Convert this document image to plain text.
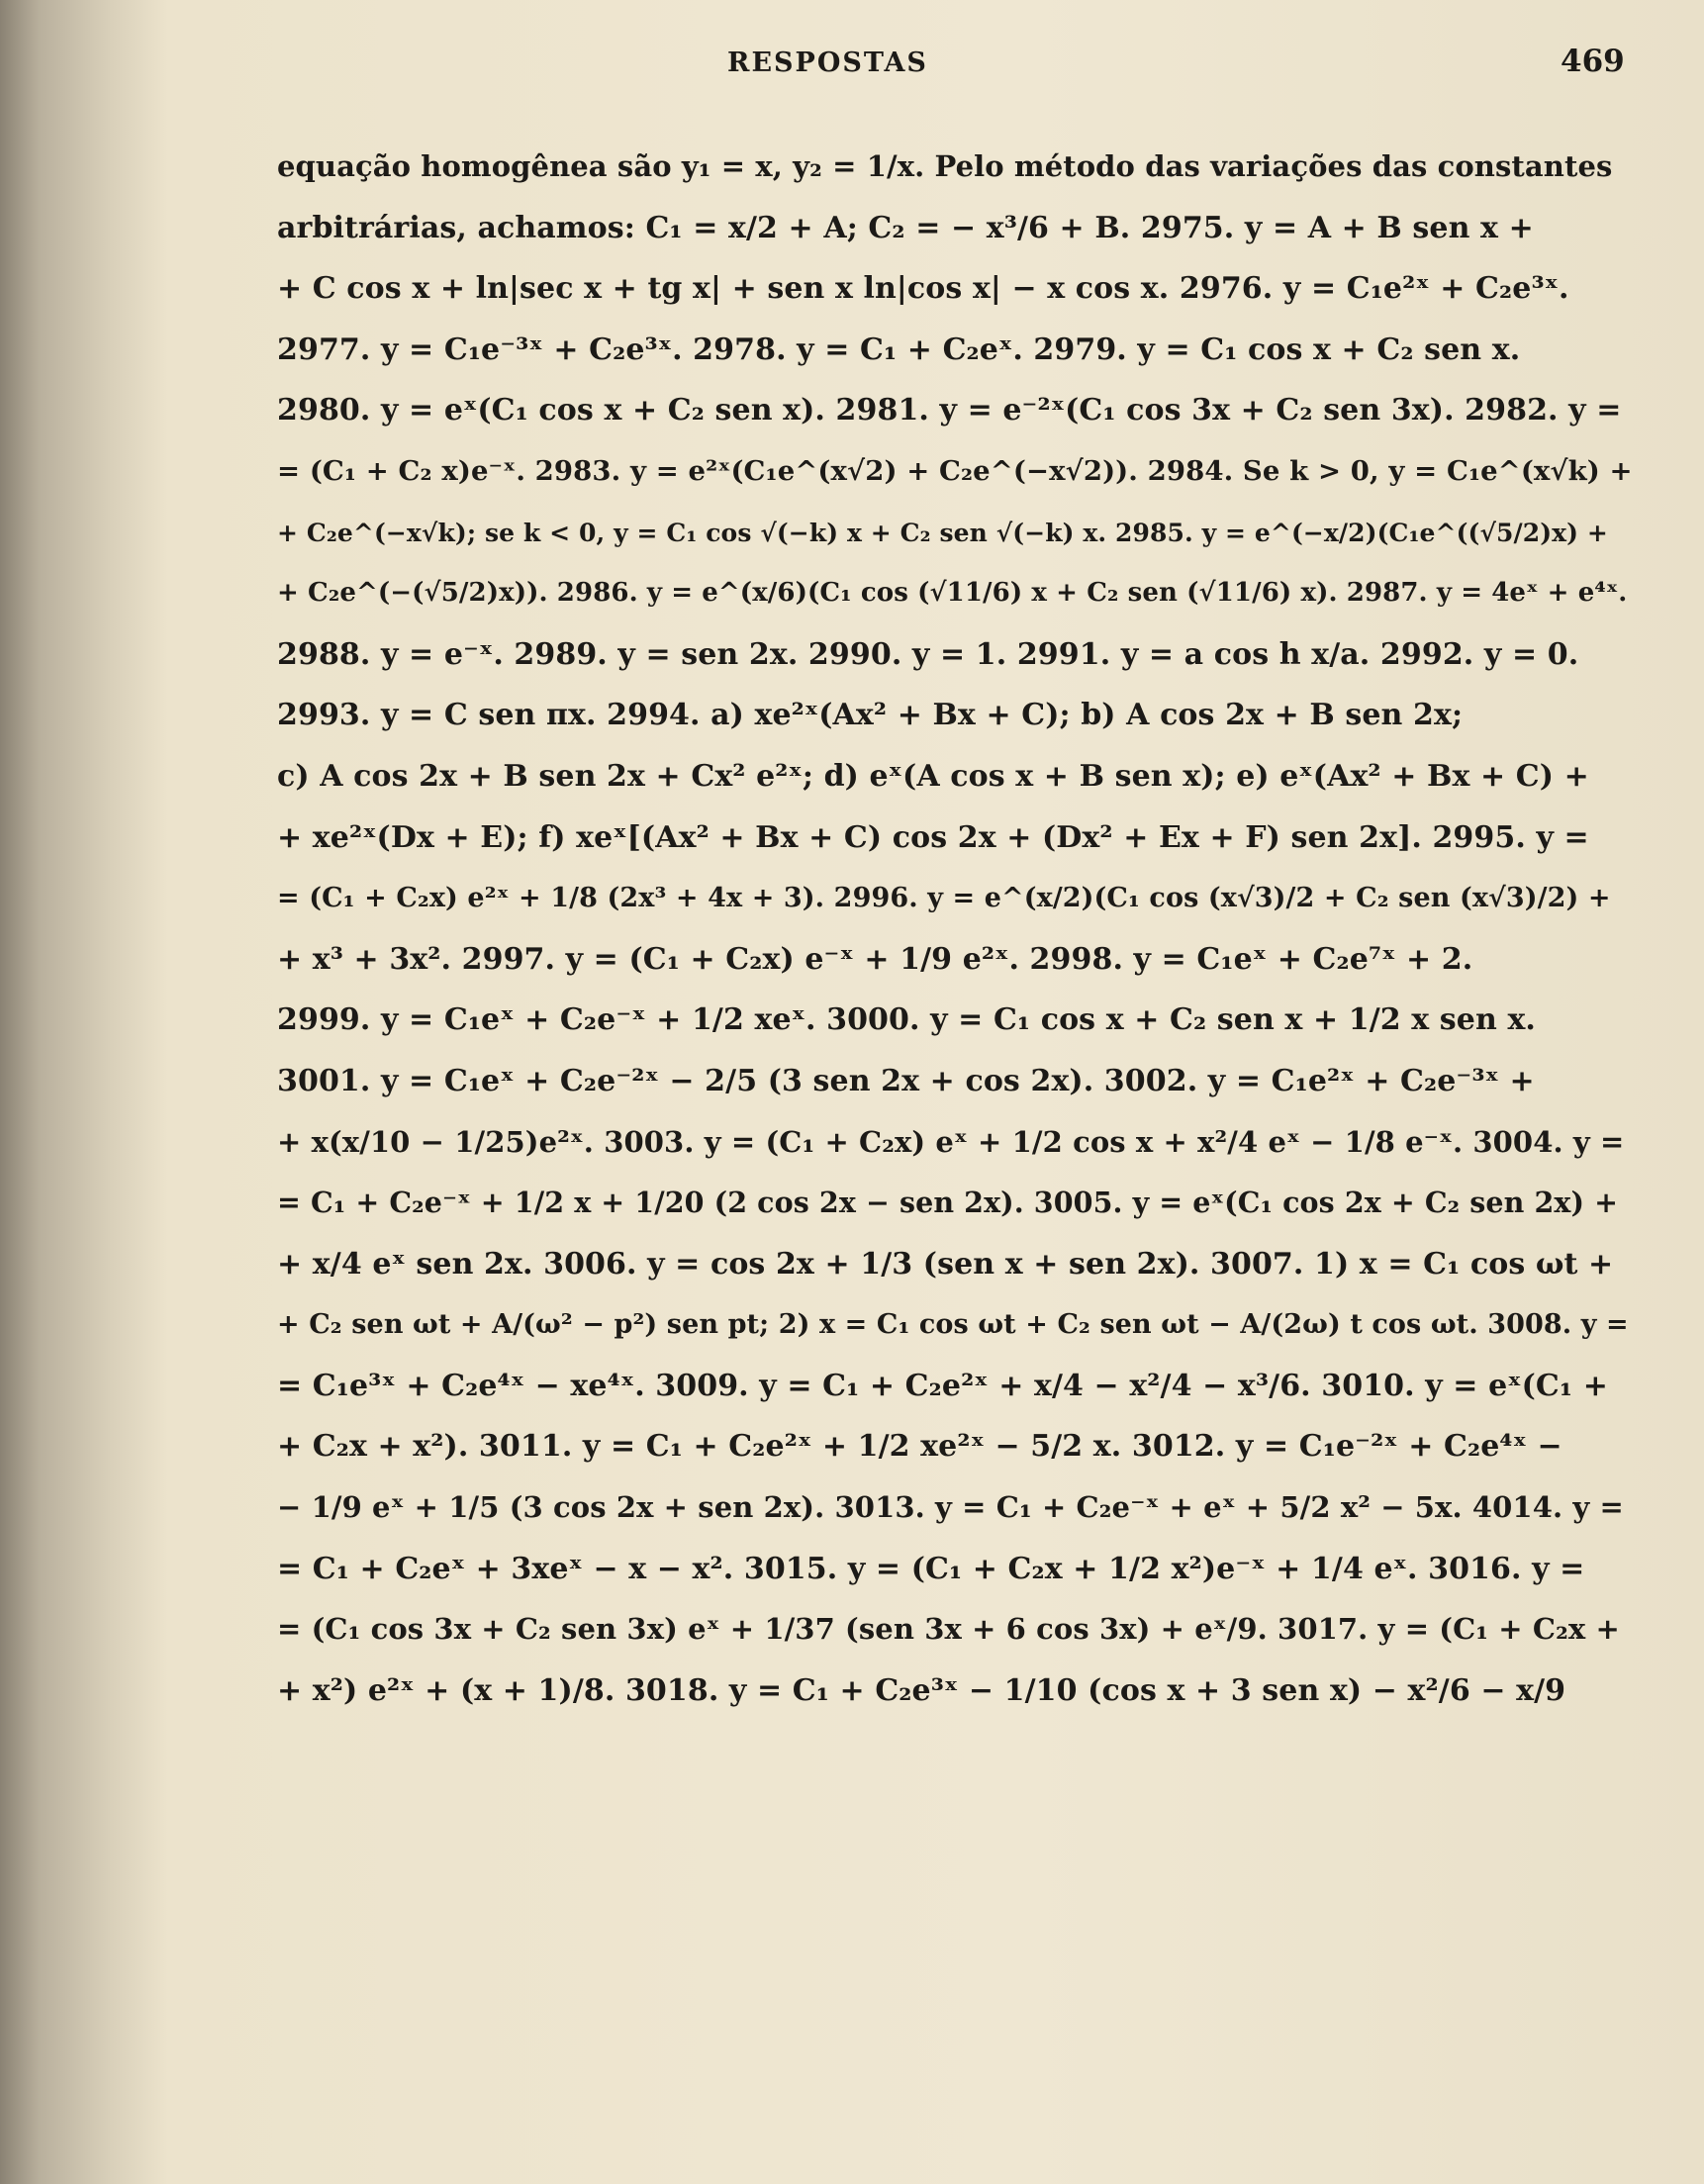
RESPOSTAS	469
equação homogênea são y₁ = x, y₂ = 1/x. Pelo método das variações das constantes
arbitrárias, achamos: C₁ = x/2 + A; C₂ = − x³/6 + B. 2975. y = A + B sen x +
+ C cos x + ln|sec x + tg x| + sen x ln|cos x| − x cos x. 2976. y = C₁e²ˣ + C₂e³ˣ.
2977. y = C₁e⁻³ˣ + C₂e³ˣ. 2978. y = C₁ + C₂eˣ. 2979. y = C₁ cos x + C₂ sen x.
2980. y = eˣ(C₁ cos x + C₂ sen x). 2981. y = e⁻²ˣ(C₁ cos 3x + C₂ sen 3x). 2982. y =
= (C₁ + C₂ x)e⁻ˣ. 2983. y = e²ˣ(C₁e^(x√2) + C₂e^(−x√2)). 2984. Se k > 0, y = C₁e^(x√k) +
+ C₂e^(−x√k); se k < 0, y = C₁ cos √(−k) x + C₂ sen √(−k) x. 2985. y = e^(−x/2)(C₁e^((√5/2)x) +
+ C₂e^(−(√5/2)x)). 2986. y = e^(x/6)(C₁ cos (√11/6) x + C₂ sen (√11/6) x). 2987. y = 4eˣ + e⁴ˣ.
2988. y = e⁻ˣ. 2989. y = sen 2x. 2990. y = 1. 2991. y = a cos h x/a. 2992. y = 0.
2993. y = C sen πx. 2994. a) xe²ˣ(Ax² + Bx + C); b) A cos 2x + B sen 2x;
c) A cos 2x + B sen 2x + Cx² e²ˣ; d) eˣ(A cos x + B sen x); e) eˣ(Ax² + Bx + C) +
+ xe²ˣ(Dx + E); f) xeˣ[(Ax² + Bx + C) cos 2x + (Dx² + Ex + F) sen 2x]. 2995. y =
= (C₁ + C₂x) e²ˣ + 1/8 (2x³ + 4x + 3). 2996. y = e^(x/2)(C₁ cos (x√3)/2 + C₂ sen (x√3)/2) +
+ x³ + 3x². 2997. y = (C₁ + C₂x) e⁻ˣ + 1/9 e²ˣ. 2998. y = C₁eˣ + C₂e⁷ˣ + 2.
2999. y = C₁eˣ + C₂e⁻ˣ + 1/2 xeˣ. 3000. y = C₁ cos x + C₂ sen x + 1/2 x sen x.
3001. y = C₁eˣ + C₂e⁻²ˣ − 2/5 (3 sen 2x + cos 2x). 3002. y = C₁e²ˣ + C₂e⁻³ˣ +
+ x(x/10 − 1/25)e²ˣ. 3003. y = (C₁ + C₂x) eˣ + 1/2 cos x + x²/4 eˣ − 1/8 e⁻ˣ. 3004. y =
= C₁ + C₂e⁻ˣ + 1/2 x + 1/20 (2 cos 2x − sen 2x). 3005. y = eˣ(C₁ cos 2x + C₂ sen 2x) +
+ x/4 eˣ sen 2x. 3006. y = cos 2x + 1/3 (sen x + sen 2x). 3007. 1) x = C₁ cos ωt +
+ C₂ sen ωt + A/(ω² − p²) sen pt; 2) x = C₁ cos ωt + C₂ sen ωt − A/(2ω) t cos ωt. 3008. y =
= C₁e³ˣ + C₂e⁴ˣ − xe⁴ˣ. 3009. y = C₁ + C₂e²ˣ + x/4 − x²/4 − x³/6. 3010. y = eˣ(C₁ +
+ C₂x + x²). 3011. y = C₁ + C₂e²ˣ + 1/2 xe²ˣ − 5/2 x. 3012. y = C₁e⁻²ˣ + C₂e⁴ˣ −
− 1/9 eˣ + 1/5 (3 cos 2x + sen 2x). 3013. y = C₁ + C₂e⁻ˣ + eˣ + 5/2 x² − 5x. 4014. y =
= C₁ + C₂eˣ + 3xeˣ − x − x². 3015. y = (C₁ + C₂x + 1/2 x²)e⁻ˣ + 1/4 eˣ. 3016. y =
= (C₁ cos 3x + C₂ sen 3x) eˣ + 1/37 (sen 3x + 6 cos 3x) + eˣ/9. 3017. y = (C₁ + C₂x +
+ x²) e²ˣ + (x + 1)/8. 3018. y = C₁ + C₂e³ˣ − 1/10 (cos x + 3 sen x) − x²/6 − x/9
